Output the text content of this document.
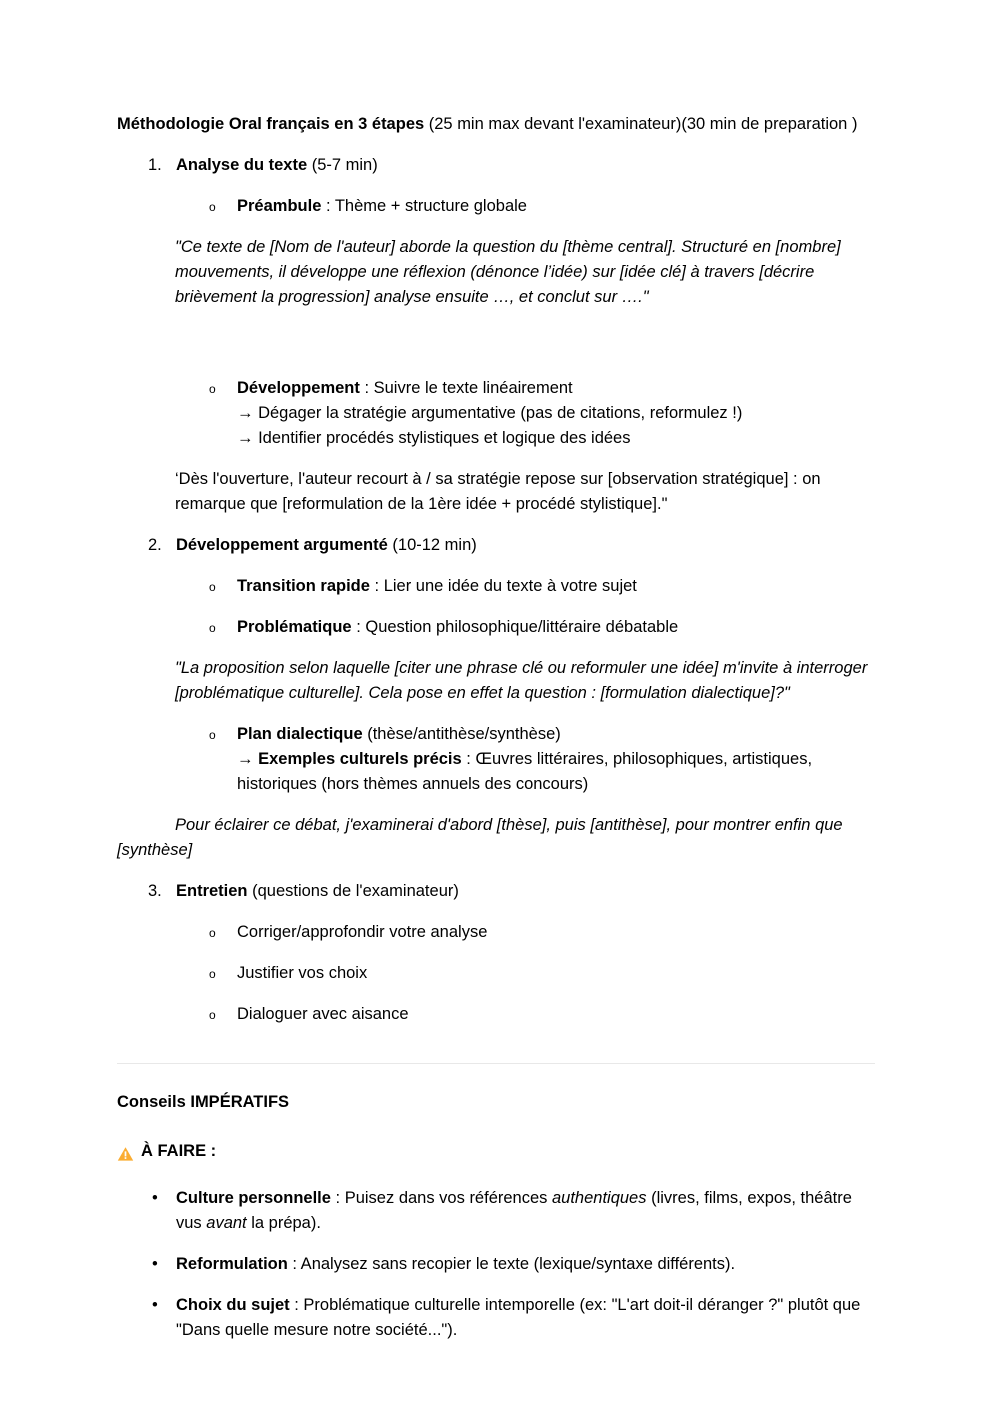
Méthodologie Oral français en 3 étapes (25 min max devant l'examinateur)(30 min de preparation )
1. Analyse du texte (5-7 min)
o Préambule : Thème + structure globale
"Ce texte de [Nom de l'auteur] aborde la question du [thème central]. Structuré en [nombre] mouvements, il développe une réflexion (dénonce l’idée) sur [idée clé] à travers [décrire brièvement la progression] analyse ensuite …, et conclut sur …."
o Développement : Suivre le texte linéairement
→ Dégager la stratégie argumentative (pas de citations, reformulez !)
→ Identifier procédés stylistiques et logique des idées
‘Dès l'ouverture, l'auteur recourt à / sa stratégie repose sur [observation stratégique] : on remarque que [reformulation de la 1ère idée + procédé stylistique]."
2. Développement argumenté (10-12 min)
o Transition rapide : Lier une idée du texte à votre sujet
o Problématique : Question philosophique/littéraire débatable
"La proposition selon laquelle [citer une phrase clé ou reformuler une idée] m'invite à interroger [problématique culturelle]. Cela pose en effet la question : [formulation dialectique]?"
o Plan dialectique (thèse/antithèse/synthèse)
→ Exemples culturels précis : Œuvres littéraires, philosophiques, artistiques, historiques (hors thèmes annuels des concours)
Pour éclairer ce débat, j'examinerai d'abord [thèse], puis [antithèse], pour montrer enfin que [synthèse]
3. Entretien (questions de l'examinateur)
o Corriger/approfondir votre analyse
o Justifier vos choix
o Dialoguer avec aisance
Conseils IMPÉRATIFS
À FAIRE :
• Culture personnelle : Puisez dans vos références authentiques (livres, films, expos, théâtre vus avant la prépa).
• Reformulation : Analysez sans recopier le texte (lexique/syntaxe différents).
• Choix du sujet : Problématique culturelle intemporelle (ex: "L'art doit-il déranger ?" plutôt que "Dans quelle mesure notre société...").
